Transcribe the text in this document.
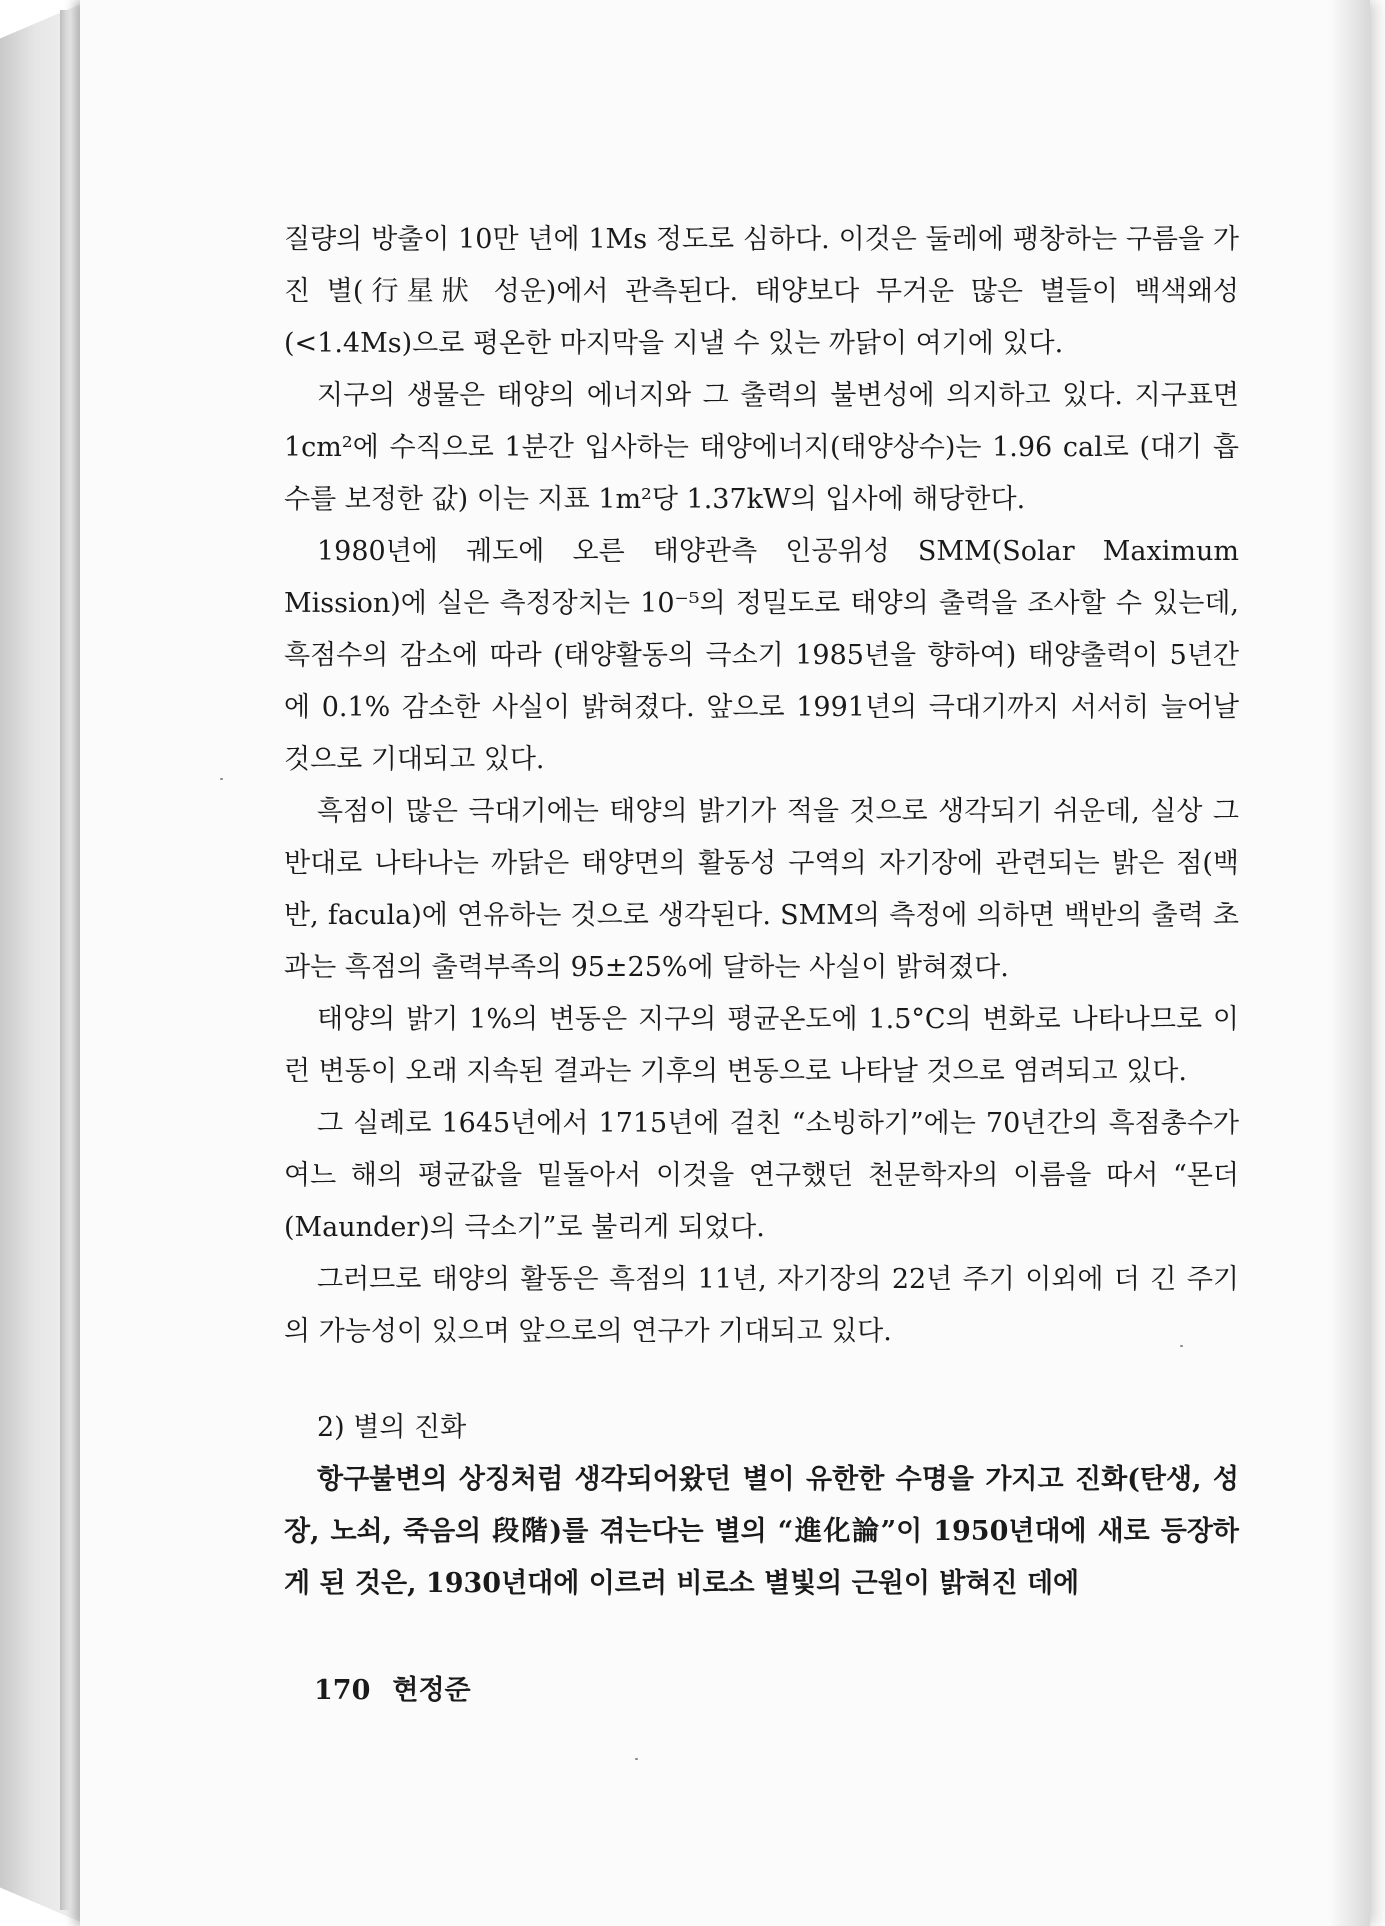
질량의 방출이 10만 년에 1Ms 정도로 심하다. 이것은 둘레에 팽창하는 구름을 가진 별(行星狀 성운)에서 관측된다. 태양보다 무거운 많은 별들이 백색왜성(<1.4Ms)으로 평온한 마지막을 지낼 수 있는 까닭이 여기에 있다.

지구의 생물은 태양의 에너지와 그 출력의 불변성에 의지하고 있다. 지구표면 1cm²에 수직으로 1분간 입사하는 태양에너지(태양상수)는 1.96 cal로 (대기 흡수를 보정한 값) 이는 지표 1m²당 1.37kW의 입사에 해당한다.

1980년에 궤도에 오른 태양관측 인공위성 SMM(Solar Maximum Mission)에 실은 측정장치는 10⁻⁵의 정밀도로 태양의 출력을 조사할 수 있는데, 흑점수의 감소에 따라 (태양활동의 극소기 1985년을 향하여) 태양출력이 5년간에 0.1% 감소한 사실이 밝혀졌다. 앞으로 1991년의 극대기까지 서서히 늘어날 것으로 기대되고 있다.

흑점이 많은 극대기에는 태양의 밝기가 적을 것으로 생각되기 쉬운데, 실상 그 반대로 나타나는 까닭은 태양면의 활동성 구역의 자기장에 관련되는 밝은 점(백반, facula)에 연유하는 것으로 생각된다. SMM의 측정에 의하면 백반의 출력 초과는 흑점의 출력부족의 95±25%에 달하는 사실이 밝혀졌다.

태양의 밝기 1%의 변동은 지구의 평균온도에 1.5°C의 변화로 나타나므로 이런 변동이 오래 지속된 결과는 기후의 변동으로 나타날 것으로 염려되고 있다.

그 실례로 1645년에서 1715년에 걸친 “소빙하기”에는 70년간의 흑점총수가 여느 해의 평균값을 밑돌아서 이것을 연구했던 천문학자의 이름을 따서 “몬더(Maunder)의 극소기”로 불리게 되었다.

그러므로 태양의 활동은 흑점의 11년, 자기장의 22년 주기 이외에 더 긴 주기의 가능성이 있으며 앞으로의 연구가 기대되고 있다.

2) 별의 진화

항구불변의 상징처럼 생각되어왔던 별이 유한한 수명을 가지고 진화(탄생, 성장, 노쇠, 죽음의 段階)를 겪는다는 별의 “進化論”이 1950년대에 새로 등장하게 된 것은, 1930년대에 이르러 비로소 별빛의 근원이 밝혀진 데에

170 현정준
